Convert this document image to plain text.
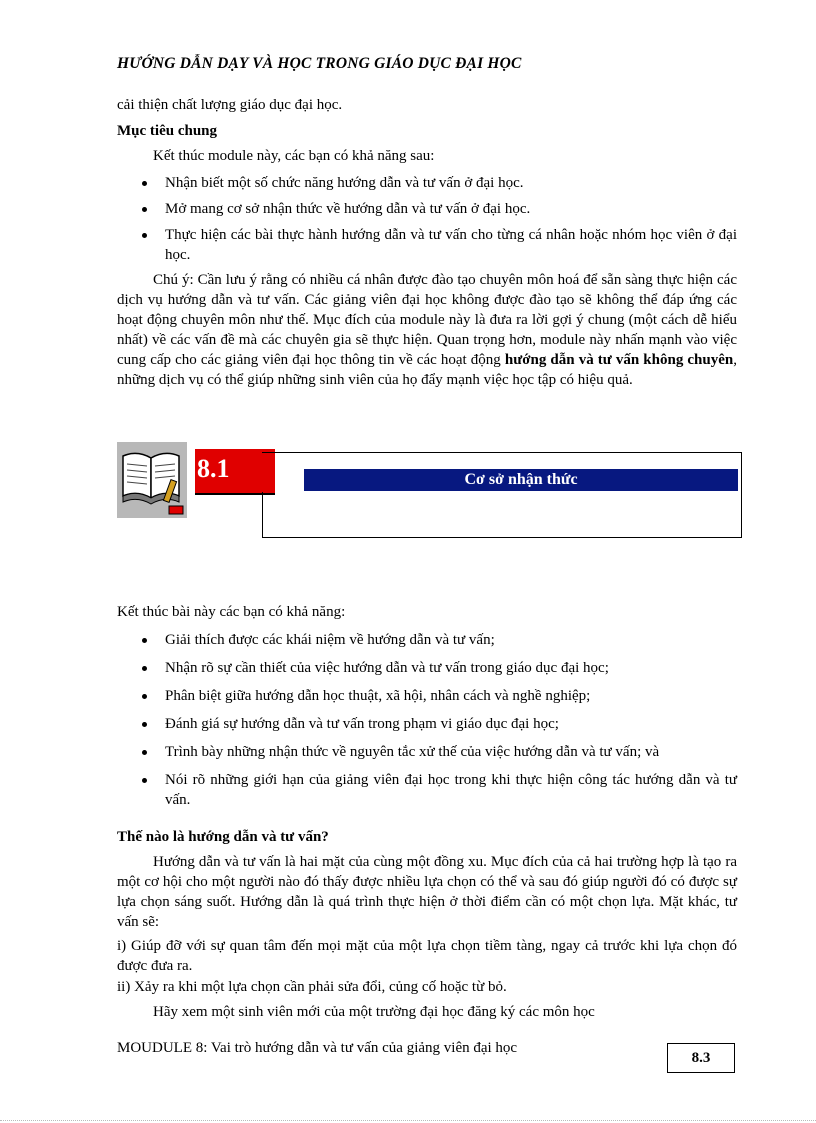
HƯỚNG DẪN DẠY VÀ HỌC TRONG GIÁO DỤC ĐẠI HỌC
cải thiện chất lượng giáo dục đại học.
Mục tiêu chung
Kết thúc module này, các bạn có khả năng sau:
Nhận biết một số chức năng hướng dẫn và tư vấn ở đại học.
Mở mang cơ sở nhận thức về hướng dẫn và tư vấn ở đại học.
Thực hiện các bài thực hành hướng dẫn và tư vấn cho từng cá nhân hoặc nhóm học viên ở đại học.
Chú ý: Cần lưu ý rằng có nhiều cá nhân được đào tạo chuyên môn hoá để sẵn sàng thực hiện các dịch vụ hướng dẫn và tư vấn. Các giảng viên đại học không được đào tạo sẽ không thể đáp ứng các hoạt động chuyên môn như thế. Mục đích của module này là đưa ra lời gợi ý chung (một cách dễ hiểu nhất) về các vấn đề mà các chuyên gia sẽ thực hiện. Quan trọng hơn, module này nhấn mạnh vào việc cung cấp cho các giảng viên đại học thông tin về các hoạt động hướng dẫn và tư vấn không chuyên, những dịch vụ có thể giúp những sinh viên của họ đẩy mạnh việc học tập có hiệu quả.
8.1	Cơ sở nhận thức
Kết thúc bài này các bạn có khả năng:
Giải thích được các khái niệm về hướng dẫn và tư vấn;
Nhận rõ sự cần thiết của việc hướng dẫn và tư vấn trong giáo dục đại học;
Phân biệt giữa hướng dẫn học thuật, xã hội, nhân cách và nghề nghiệp;
Đánh giá sự hướng dẫn và tư vấn trong phạm vi giáo dục đại học;
Trình bày những nhận thức về nguyên tắc xử thế của việc hướng dẫn và tư vấn; và
Nói rõ những giới hạn của giảng viên đại học trong khi thực hiện công tác hướng dẫn và tư vấn.
Thế nào là hướng dẫn và tư vấn?
Hướng dẫn và tư vấn là hai mặt của cùng một đồng xu. Mục đích của cả hai trường hợp là tạo ra một cơ hội cho một người nào đó thấy được nhiều lựa chọn có thể và sau đó giúp người đó có được sự lựa chọn sáng suốt. Hướng dẫn là quá trình thực hiện ở thời điểm cần có một chọn lựa. Mặt khác, tư vấn sẽ:
i) Giúp đỡ với sự quan tâm đến mọi mặt của một lựa chọn tiềm tàng, ngay cả trước khi lựa chọn đó được đưa ra.
ii) Xảy ra khi một lựa chọn cần phải sửa đổi, củng cố hoặc từ bỏ.
Hãy xem một sinh viên mới của một trường đại học đăng ký các môn học
MOUDULE 8: Vai trò hướng dẫn và tư vấn của giảng viên đại học
8.3
